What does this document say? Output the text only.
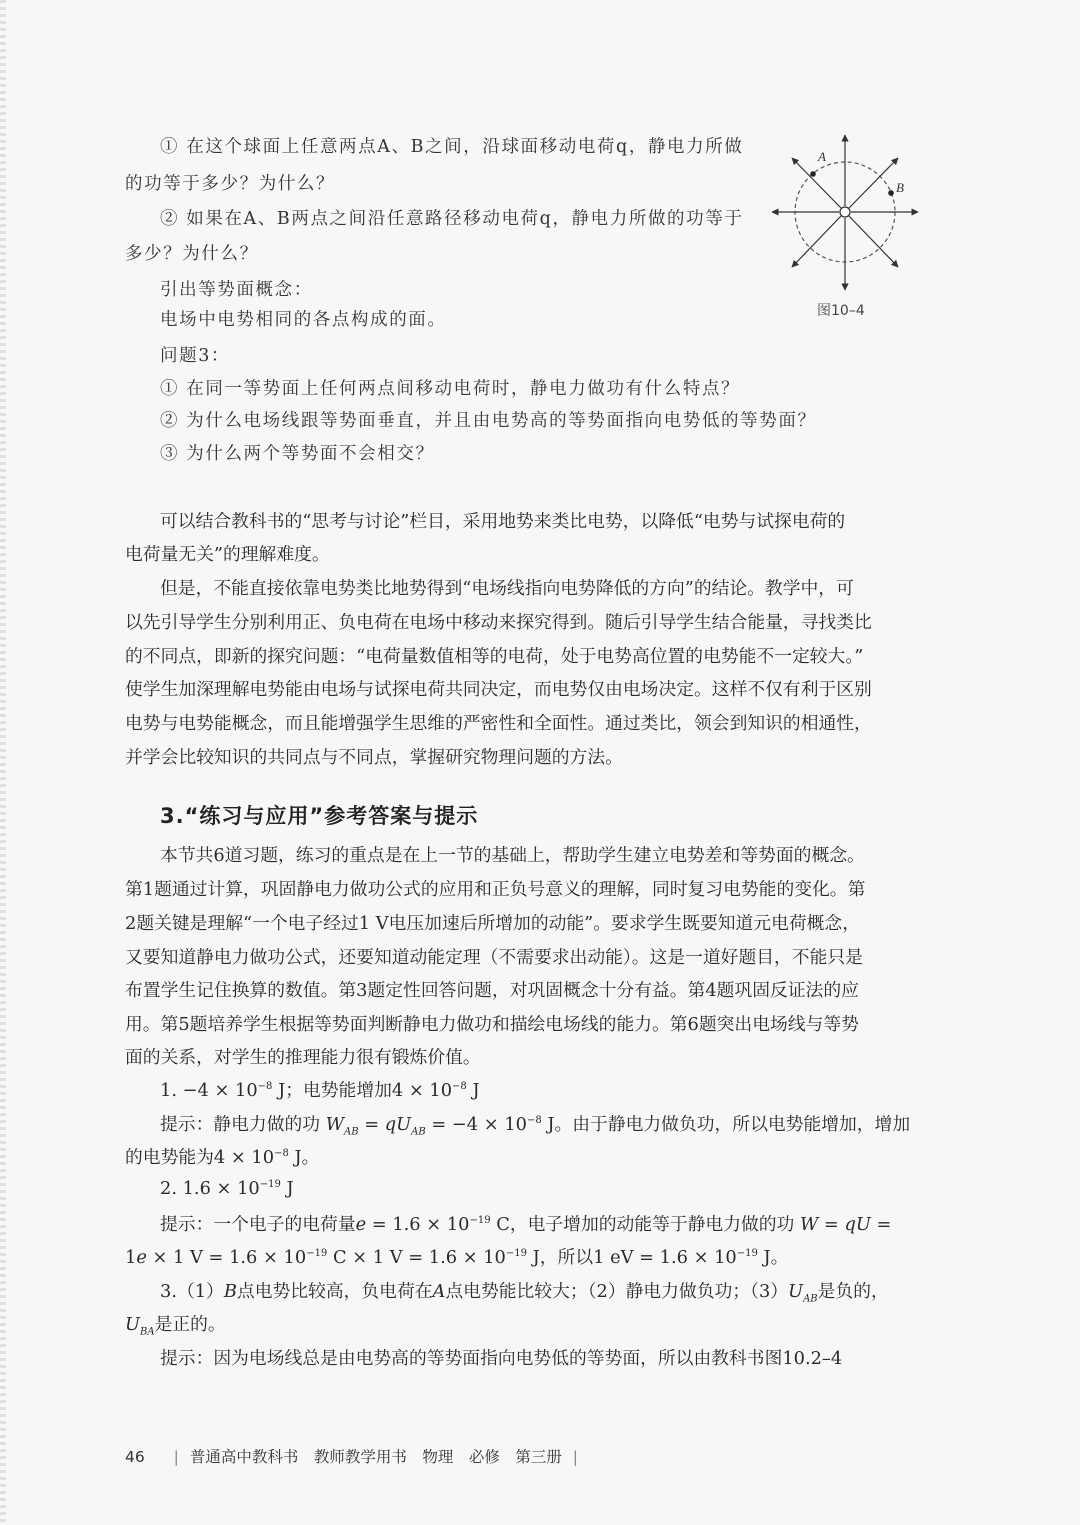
① 在这个球面上任意两点A、B之间，沿球面移动电荷q，静电力所做
的功等于多少？为什么？
② 如果在A、B两点之间沿任意路径移动电荷q，静电力所做的功等于
多少？为什么？
引出等势面概念：
电场中电势相同的各点构成的面。
问题3：
① 在同一等势面上任何两点间移动电荷时，静电力做功有什么特点？
② 为什么电场线跟等势面垂直，并且由电势高的等势面指向电势低的等势面？
③ 为什么两个等势面不会相交？
A
B
图10–4
可以结合教科书的“思考与讨论”栏目，采用地势来类比电势，以降低“电势与试探电荷的
电荷量无关”的理解难度。
但是，不能直接依靠电势类比地势得到“电场线指向电势降低的方向”的结论。教学中，可
以先引导学生分别利用正、负电荷在电场中移动来探究得到。随后引导学生结合能量，寻找类比
的不同点，即新的探究问题：“电荷量数值相等的电荷，处于电势高位置的电势能不一定较大。”
使学生加深理解电势能由电场与试探电荷共同决定，而电势仅由电场决定。这样不仅有利于区别
电势与电势能概念，而且能增强学生思维的严密性和全面性。通过类比，领会到知识的相通性，
并学会比较知识的共同点与不同点，掌握研究物理问题的方法。
3.“练习与应用”参考答案与提示
本节共6道习题，练习的重点是在上一节的基础上，帮助学生建立电势差和等势面的概念。
第1题通过计算，巩固静电力做功公式的应用和正负号意义的理解，同时复习电势能的变化。第
2题关键是理解“一个电子经过1 V电压加速后所增加的动能”。要求学生既要知道元电荷概念，
又要知道静电力做功公式，还要知道动能定理（不需要求出动能）。这是一道好题目，不能只是
布置学生记住换算的数值。第3题定性回答问题，对巩固概念十分有益。第4题巩固反证法的应
用。第5题培养学生根据等势面判断静电力做功和描绘电场线的能力。第6题突出电场线与等势
面的关系，对学生的推理能力很有锻炼价值。
1. $-4 \times 10^{-8}$ J；电势能增加$4 \times 10^{-8}$ J
提示：静电力做的功 $W_{AB} = qU_{AB} = -4 \times 10^{-8}$ J。由于静电力做负功，所以电势能增加，增加
的电势能为$4 \times 10^{-8}$ J。
2. $1.6 \times 10^{-19}$ J
提示：一个电子的电荷量$e = 1.6 \times 10^{-19}$ C，电子增加的动能等于静电力做的功 W = qU =
1e × 1 $V = 1.6 \times 10^{-19}$ C × 1 $V = 1.6 \times 10^{-19}$ J，所以1 eV = $1.6 \times 10^{-19}$ J。
3.（1）B点电势比较高，负电荷在A点电势能比较大；（2）静电力做负功；$(3)U_{AB}$是负的，
$U_{BA}$是正的。
提示：因为电场线总是由电势高的等势面指向电势低的等势面，所以由教科书图10.2–4
46 | 普通高中教科书　教师教学用书　物理　必修　第三册 |
